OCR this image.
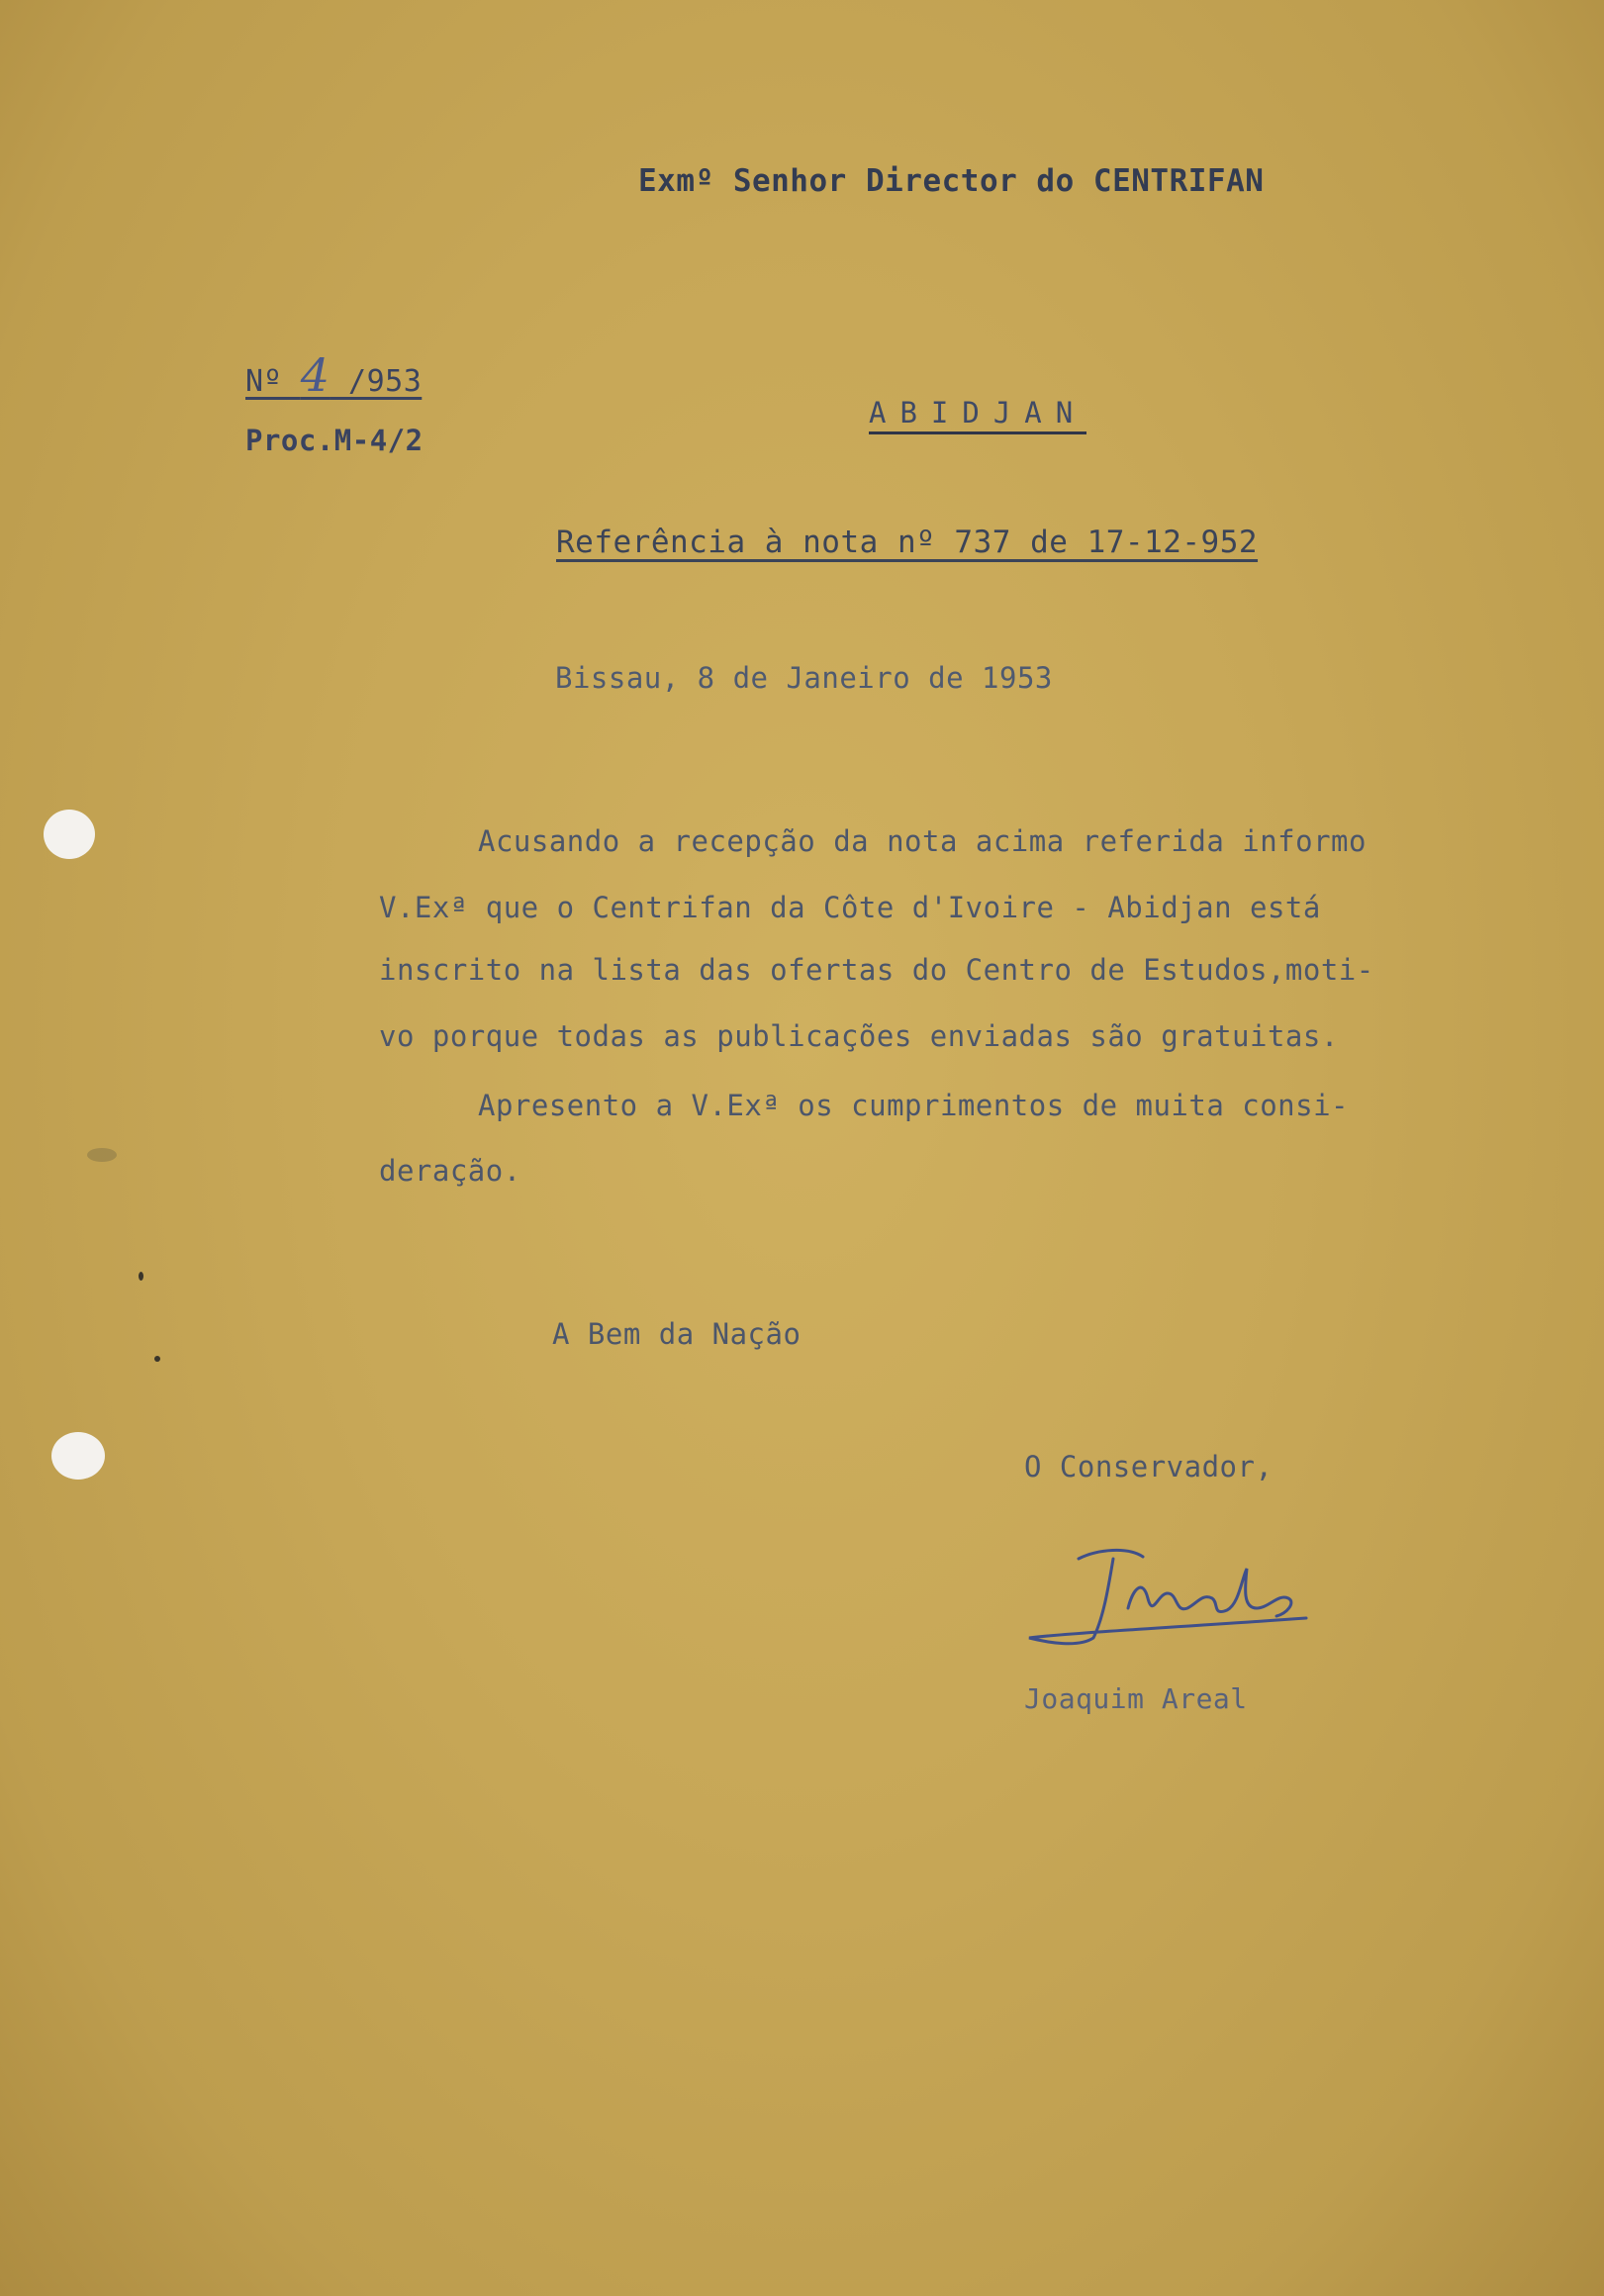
Exmº Senhor Director do CENTRIFAN
Nº 4 /953
Proc.M-4/2
ABIDJAN
Referência à nota nº 737 de 17-12-952
Bissau, 8 de Janeiro de 1953
Acusando a recepção da nota acima referida informo
V.Exª que o Centrifan da Côte d'Ivoire - Abidjan está
inscrito na lista das ofertas do Centro de Estudos,moti-
vo porque todas as publicações enviadas são gratuitas.
Apresento a V.Exª os cumprimentos de muita consi-
deração.
A Bem da Nação
O Conservador,
Joaquim Areal
